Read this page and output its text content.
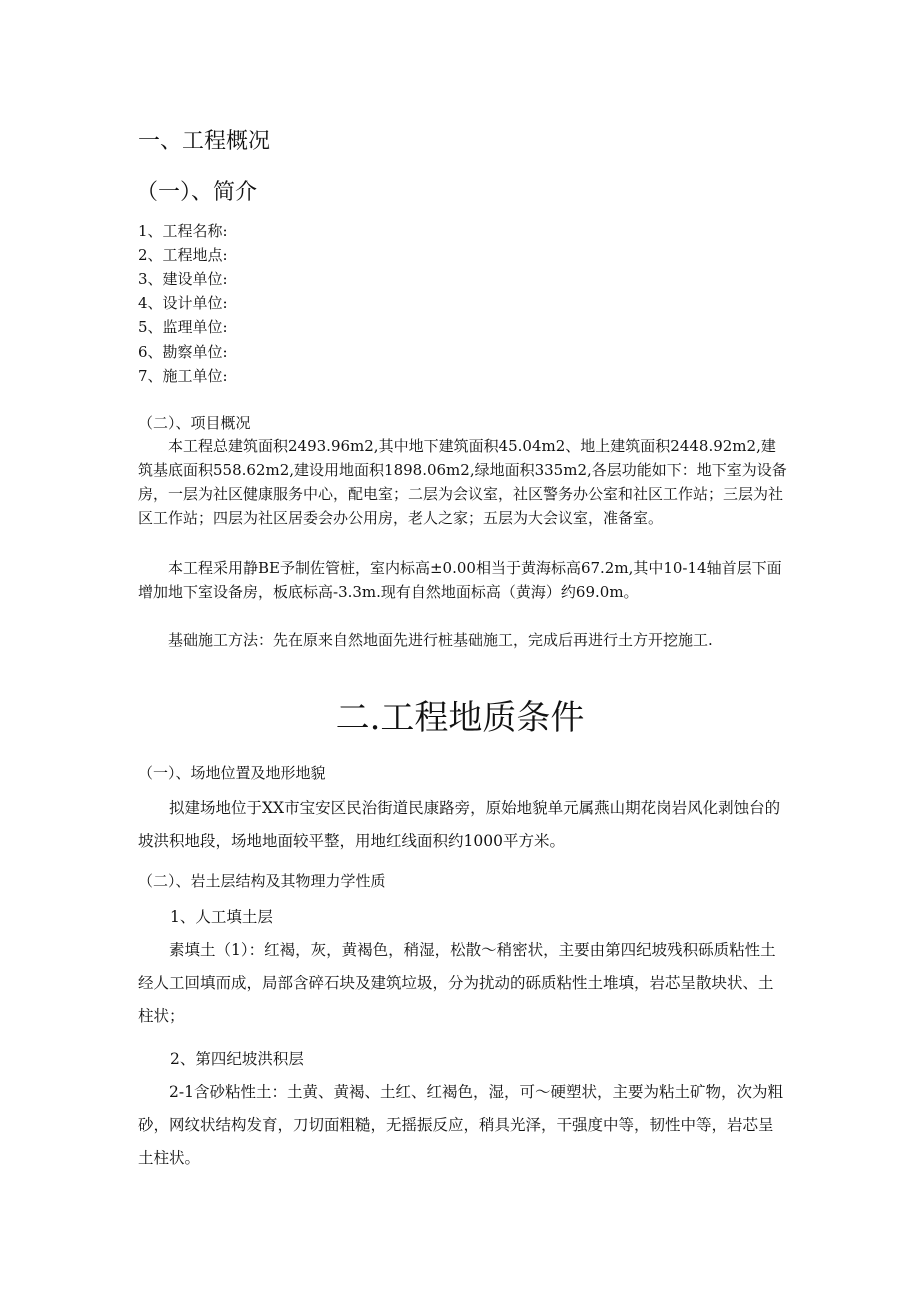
一、工程概况
（一）、简介
1、工程名称:
2、工程地点:
3、建设单位:
4、设计单位:
5、监理单位:
6、勘察单位:
7、施工单位:
（二）、项目概况

本工程总建筑面积2493.96m2,其中地下建筑面积45.04m2、地上建筑面积2448.92m2,建筑基底面积558.62m2,建设用地面积1898.06m2,绿地面积335m2,各层功能如下：地下室为设备房，一层为社区健康服务中心，配电室；二层为会议室，社区警务办公室和社区工作站；三层为社区工作站；四层为社区居委会办公用房，老人之家；五层为大会议室，准备室。

本工程采用静BE予制佐管桩，室内标高±0.00相当于黄海标高67.2m,其中10-14轴首层下面增加地下室设备房，板底标高-3.3m.现有自然地面标高（黄海）约69.0m。

基础施工方法：先在原来自然地面先进行桩基础施工，完成后再进行土方开挖施工.

二.工程地质条件
（一）、场地位置及地形地貌

拟建场地位于XX市宝安区民治街道民康路旁，原始地貌单元属燕山期花岗岩风化剥蚀台的坡洪积地段，场地地面较平整，用地红线面积约1000平方米。

（二）、岩土层结构及其物理力学性质
1、人工填土层

素填土（1）：红褐，灰，黄褐色，稍湿，松散～稍密状，主要由第四纪坡残积砾质粘性土经人工回填而成，局部含碎石块及建筑垃圾，分为扰动的砾质粘性土堆填，岩芯呈散块状、土柱状；

2、第四纪坡洪积层

2-1含砂粘性土：土黄、黄褐、土红、红褐色，湿，可～硬塑状，主要为粘土矿物，次为粗砂，网纹状结构发育，刀切面粗糙，无摇振反应，稍具光泽，干强度中等，韧性中等，岩芯呈土柱状。
